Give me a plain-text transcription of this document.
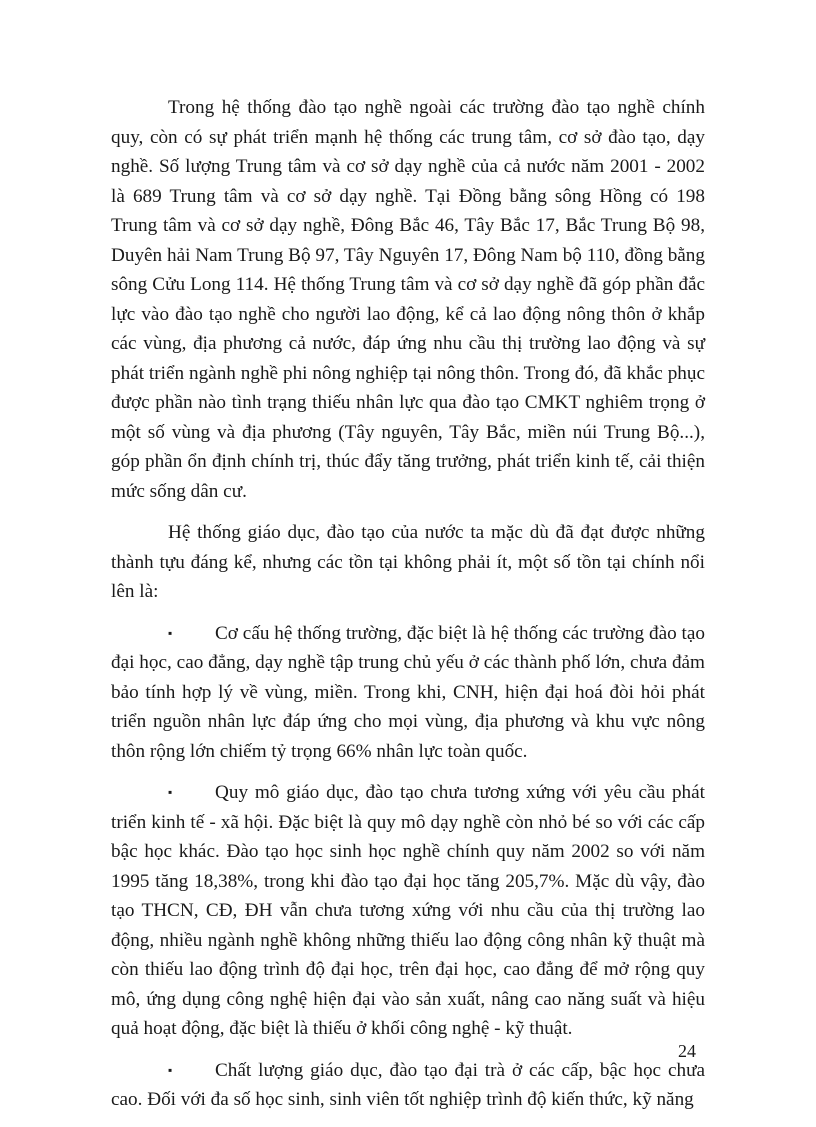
Trong hệ thống đào tạo nghề ngoài các trường đào tạo nghề chính quy, còn có sự phát triển mạnh hệ thống các trung tâm, cơ sở đào tạo, dạy nghề. Số lượng Trung tâm và cơ sở dạy nghề của cả nước năm 2001 - 2002 là 689 Trung tâm và cơ sở dạy nghề. Tại Đồng bằng sông Hồng có 198 Trung tâm và cơ sở dạy nghề, Đông Bắc 46, Tây Bắc 17, Bắc Trung Bộ 98, Duyên hải Nam Trung Bộ 97, Tây Nguyên 17, Đông Nam bộ 110, đồng bằng sông Cửu Long 114. Hệ thống Trung tâm và cơ sở dạy nghề đã góp phần đắc lực vào đào tạo nghề cho người lao động, kể cả lao động nông thôn ở khắp các vùng, địa phương cả nước, đáp ứng nhu cầu thị trường lao động và sự phát triển ngành nghề phi nông nghiệp tại nông thôn. Trong đó, đã khắc phục được phần nào tình trạng thiếu nhân lực qua đào tạo CMKT nghiêm trọng ở một số vùng và địa phương (Tây nguyên, Tây Bắc, miền núi Trung Bộ...), góp phần ổn định chính trị, thúc đẩy tăng trưởng, phát triển kinh tế, cải thiện mức sống dân cư.

Hệ thống giáo dục, đào tạo của nước ta mặc dù đã đạt được những thành tựu đáng kể, nhưng các tồn tại không phải ít, một số tồn tại chính nổi lên là:

▪ Cơ cấu hệ thống trường, đặc biệt là hệ thống các trường đào tạo đại học, cao đẳng, dạy nghề tập trung chủ yếu ở các thành phố lớn, chưa đảm bảo tính hợp lý về vùng, miền. Trong khi, CNH, hiện đại hoá đòi hỏi phát triển nguồn nhân lực đáp ứng cho mọi vùng, địa phương và khu vực nông thôn rộng lớn chiếm tỷ trọng 66% nhân lực toàn quốc.

▪ Quy mô giáo dục, đào tạo chưa tương xứng với yêu cầu phát triển kinh tế - xã hội. Đặc biệt là quy mô dạy nghề còn nhỏ bé so với các cấp bậc học khác. Đào tạo học sinh học nghề chính quy năm 2002 so với năm 1995 tăng 18,38%, trong khi đào tạo đại học tăng 205,7%. Mặc dù vậy, đào tạo THCN, CĐ, ĐH vẫn chưa tương xứng với nhu cầu của thị trường lao động, nhiều ngành nghề không những thiếu lao động công nhân kỹ thuật mà còn thiếu lao động trình độ đại học, trên đại học, cao đẳng để mở rộng quy mô, ứng dụng công nghệ hiện đại vào sản xuất, nâng cao năng suất và hiệu quả hoạt động, đặc biệt là thiếu ở khối công nghệ - kỹ thuật.

▪ Chất lượng giáo dục, đào tạo đại trà ở các cấp, bậc học chưa cao. Đối với đa số học sinh, sinh viên tốt nghiệp trình độ kiến thức, kỹ năng

24
